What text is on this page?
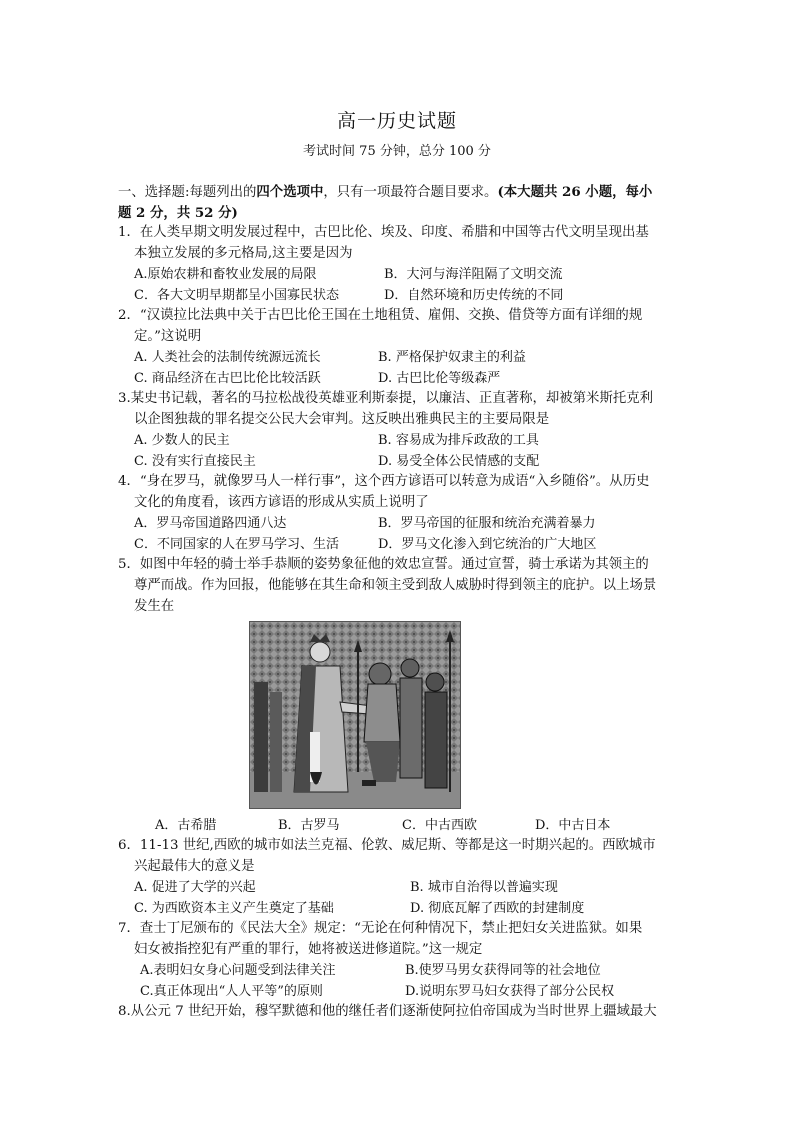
高一历史试题
考试时间 75 分钟，总分 100 分
一、选择题:每题列出的四个选项中，只有一项最符合题目要求。(本大题共 26 小题，每小
题 2 分，共 52 分)
1．在人类早期文明发展过程中，古巴比伦、埃及、印度、希腊和中国等古代文明呈现出基
本独立发展的多元格局,这主要是因为
A.原始农耕和畜牧业发展的局限	B．大河与海洋阻隔了文明交流
C．各大文明早期都呈小国寡民状态	D．自然环境和历史传统的不同
2．“汉谟拉比法典中关于古巴比伦王国在土地租赁、雇佣、交换、借贷等方面有详细的规
定。”这说明
A. 人类社会的法制传统源远流长	B. 严格保护奴隶主的利益
C. 商品经济在古巴比伦比较活跃	D. 古巴比伦等级森严
3.某史书记载，著名的马拉松战役英雄亚利斯泰提，以廉洁、正直著称，却被第米斯托克利
以企图独裁的罪名提交公民大会审判。这反映出雅典民主的主要局限是
A. 少数人的民主	B. 容易成为排斥政敌的工具
C. 没有实行直接民主	D. 易受全体公民情感的支配
4．“身在罗马，就像罗马人一样行事”，这个西方谚语可以转意为成语“入乡随俗”。从历史
文化的角度看，该西方谚语的形成从实质上说明了
A．罗马帝国道路四通八达	B．罗马帝国的征服和统治充满着暴力
C．不同国家的人在罗马学习、生活	D．罗马文化渗入到它统治的广大地区
5．如图中年轻的骑士举手恭顺的姿势象征他的效忠宣誓。通过宣誓，骑士承诺为其领主的
尊严而战。作为回报，他能够在其生命和领主受到敌人威胁时得到领主的庇护。以上场景
发生在
A．古希腊	B．古罗马	C．中古西欧	D．中古日本
6．11-13 世纪,西欧的城市如法兰克福、伦敦、威尼斯、等都是这一时期兴起的。西欧城市
兴起最伟大的意义是
A. 促进了大学的兴起	B. 城市自治得以普遍实现
C. 为西欧资本主义产生奠定了基础	D. 彻底瓦解了西欧的封建制度
7．查士丁尼颁布的《民法大全》规定：“无论在何种情况下，禁止把妇女关进监狱。如果
妇女被指控犯有严重的罪行，她将被送进修道院。”这一规定
A.表明妇女身心问题受到法律关注	B.使罗马男女获得同等的社会地位
C.真正体现出“人人平等”的原则	D.说明东罗马妇女获得了部分公民权
8.从公元 7 世纪开始，穆罕默德和他的继任者们逐渐使阿拉伯帝国成为当时世界上疆域最大
